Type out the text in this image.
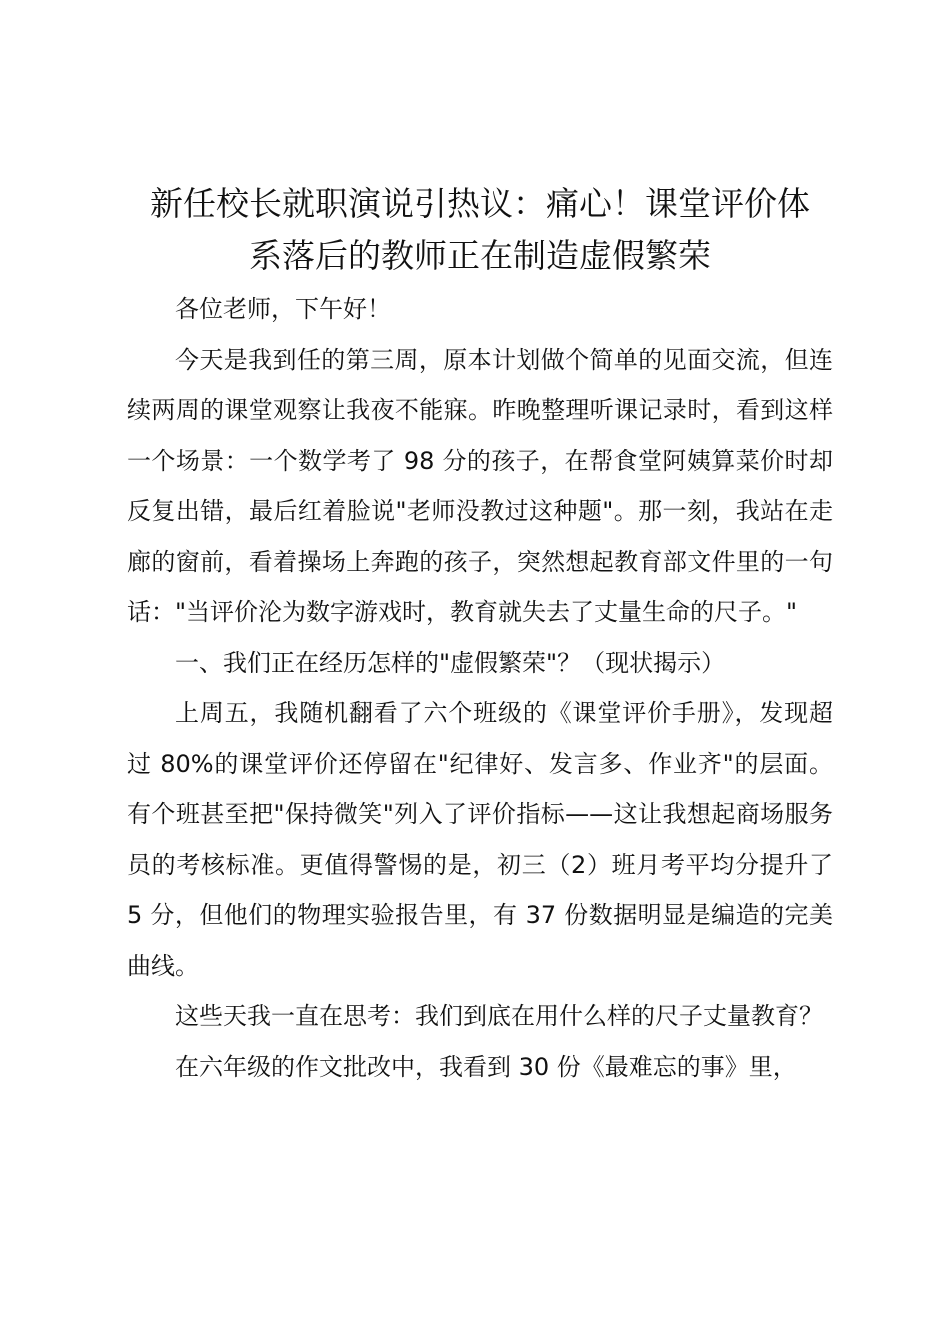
新任校长就职演说引热议：痛心！课堂评价体
系落后的教师正在制造虚假繁荣

各位老师，下午好！

今天是我到任的第三周，原本计划做个简单的见面交流，但连续两周的课堂观察让我夜不能寐。昨晚整理听课记录时，看到这样一个场景：一个数学考了 98 分的孩子，在帮食堂阿姨算菜价时却反复出错，最后红着脸说"老师没教过这种题"。那一刻，我站在走廊的窗前，看着操场上奔跑的孩子，突然想起教育部文件里的一句话："当评价沦为数字游戏时，教育就失去了丈量生命的尺子。"

一、我们正在经历怎样的"虚假繁荣"？（现状揭示）

上周五，我随机翻看了六个班级的《课堂评价手册》，发现超过 80%的课堂评价还停留在"纪律好、发言多、作业齐"的层面。有个班甚至把"保持微笑"列入了评价指标——这让我想起商场服务员的考核标准。更值得警惕的是，初三（2）班月考平均分提升了 5 分，但他们的物理实验报告里，有 37 份数据明显是编造的完美曲线。

这些天我一直在思考：我们到底在用什么样的尺子丈量教育？

在六年级的作文批改中，我看到 30 份《最难忘的事》里，
